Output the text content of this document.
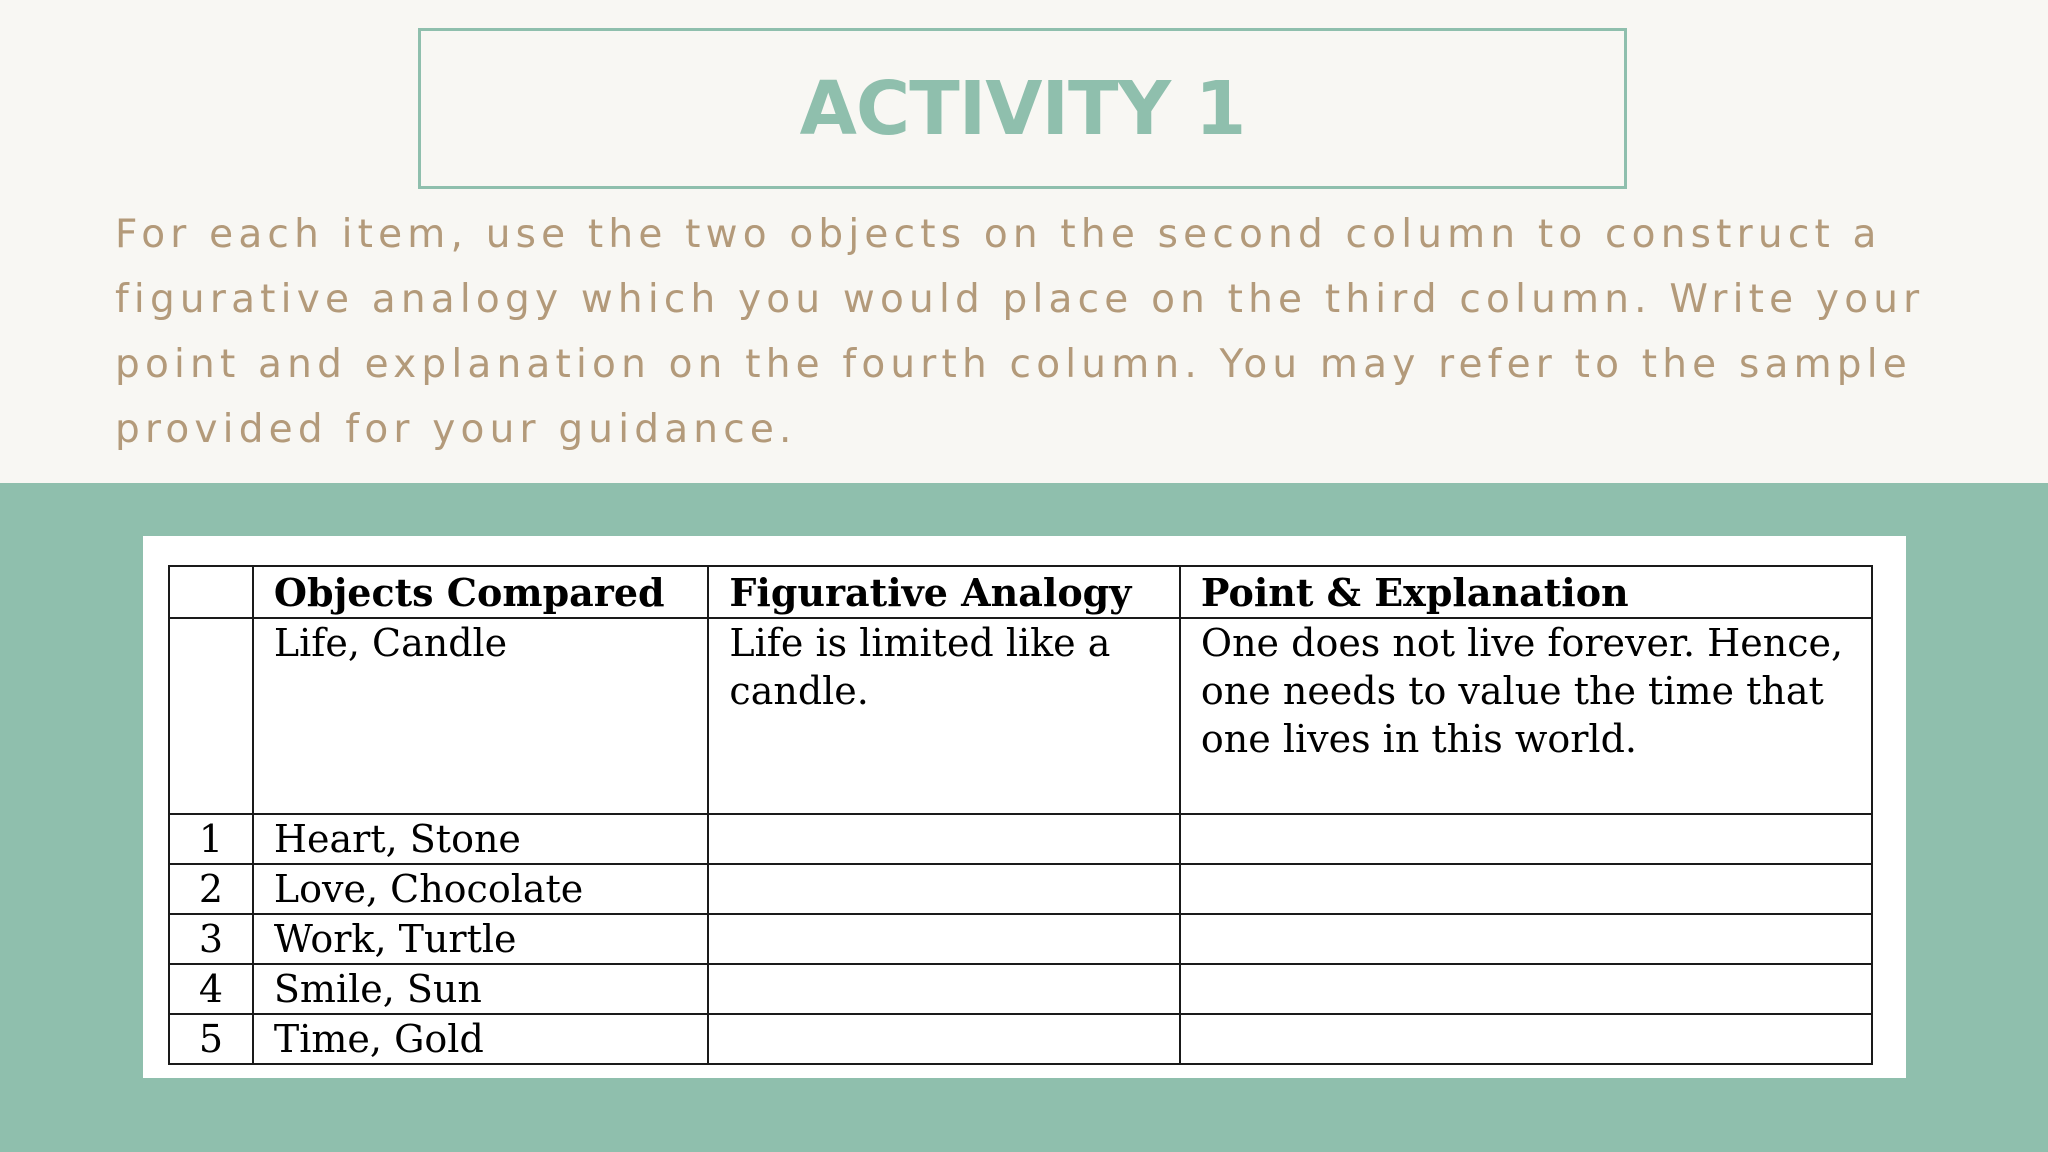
ACTIVITY 1

For each item, use the two objects on the second column to construct a figurative analogy which you would place on the third column. Write your point and explanation on the fourth column. You may refer to the sample provided for your guidance.

	Objects Compared	Figurative Analogy	Point & Explanation
	Life, Candle	Life is limited like a candle.	One does not live forever. Hence, one needs to value the time that one lives in this world.
1	Heart, Stone		
2	Love, Chocolate		
3	Work, Turtle		
4	Smile, Sun		
5	Time, Gold		
